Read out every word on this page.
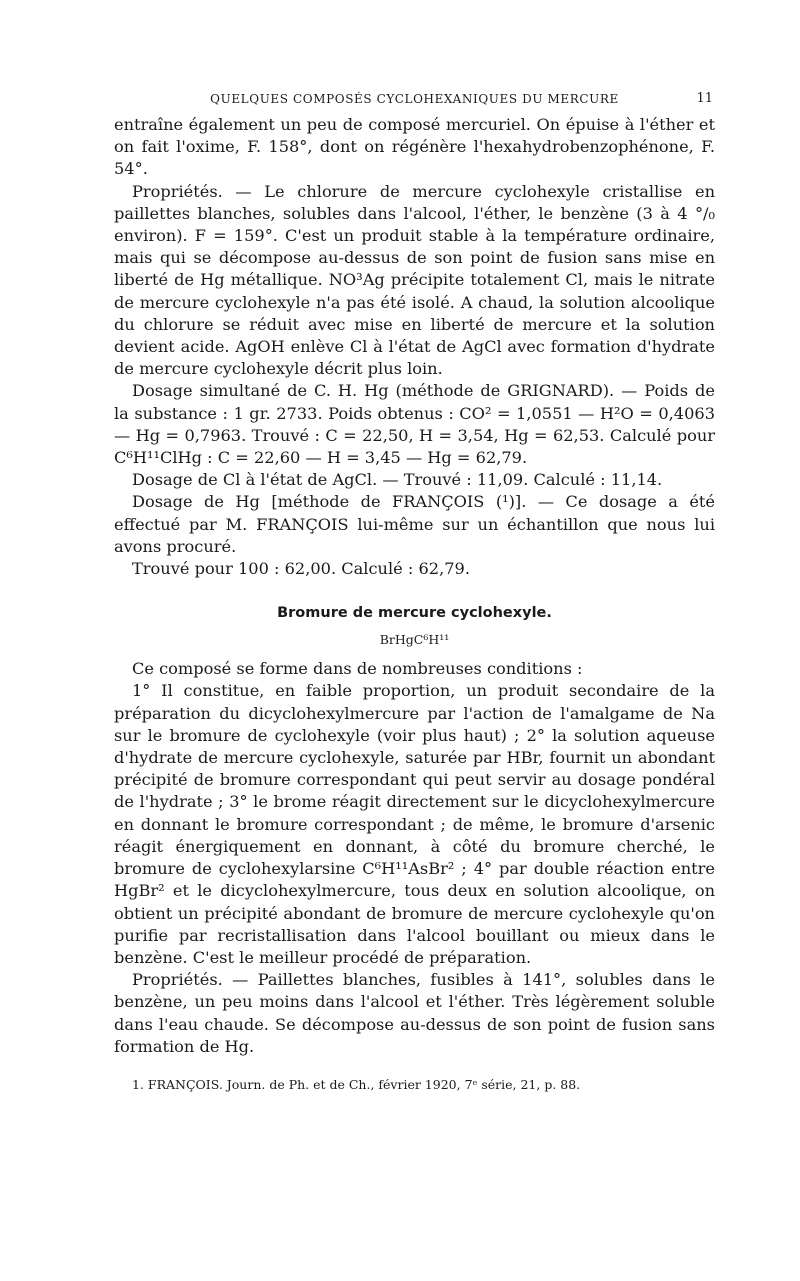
QUELQUES COMPOSÉS CYCLOHEXANIQUES DU MERCURE	11

entraîne également un peu de composé mercuriel. On épuise à l'éther et on fait l'oxime, F. 158°, dont on régénère l'hexahydrobenzophénone, F. 54°.

Propriétés. — Le chlorure de mercure cyclohexyle cristallise en paillettes blanches, solubles dans l'alcool, l'éther, le benzène (3 à 4 °/₀ environ). F = 159°. C'est un produit stable à la température ordinaire, mais qui se décompose au-dessus de son point de fusion sans mise en liberté de Hg métallique. NO³Ag précipite totalement Cl, mais le nitrate de mercure cyclohexyle n'a pas été isolé. A chaud, la solution alcoolique du chlorure se réduit avec mise en liberté de mercure et la solution devient acide. AgOH enlève Cl à l'état de AgCl avec formation d'hydrate de mercure cyclohexyle décrit plus loin.

Dosage simultané de C. H. Hg (méthode de GRIGNARD). — Poids de la substance : 1 gr. 2733. Poids obtenus : CO² = 1,0551 — H²O = 0,4063 — Hg = 0,7963. Trouvé : C = 22,50, H = 3,54, Hg = 62,53. Calculé pour C⁶H¹¹ClHg : C = 22,60 — H = 3,45 — Hg = 62,79.

Dosage de Cl à l'état de AgCl. — Trouvé : 11,09. Calculé : 11,14.

Dosage de Hg [méthode de FRANÇOIS (¹)]. — Ce dosage a été effectué par M. FRANÇOIS lui-même sur un échantillon que nous lui avons procuré.

Trouvé pour 100 : 62,00. Calculé : 62,79.

Bromure de mercure cyclohexyle.
BrHgC⁶H¹¹

Ce composé se forme dans de nombreuses conditions :

1° Il constitue, en faible proportion, un produit secondaire de la préparation du dicyclohexylmercure par l'action de l'amalgame de Na sur le bromure de cyclohexyle (voir plus haut) ; 2° la solution aqueuse d'hydrate de mercure cyclohexyle, saturée par HBr, fournit un abondant précipité de bromure correspondant qui peut servir au dosage pondéral de l'hydrate ; 3° le brome réagit directement sur le dicyclohexylmercure en donnant le bromure correspondant ; de même, le bromure d'arsenic réagit énergiquement en donnant, à côté du bromure cherché, le bromure de cyclohexylarsine C⁶H¹¹AsBr² ; 4° par double réaction entre HgBr² et le dicyclohexylmercure, tous deux en solution alcoolique, on obtient un précipité abondant de bromure de mercure cyclohexyle qu'on purifie par recristallisation dans l'alcool bouillant ou mieux dans le benzène. C'est le meilleur procédé de préparation.

Propriétés. — Paillettes blanches, fusibles à 141°, solubles dans le benzène, un peu moins dans l'alcool et l'éther. Très légèrement soluble dans l'eau chaude. Se décompose au-dessus de son point de fusion sans formation de Hg.

1. FRANÇOIS. Journ. de Ph. et de Ch., février 1920, 7ᵉ série, 21, p. 88.
